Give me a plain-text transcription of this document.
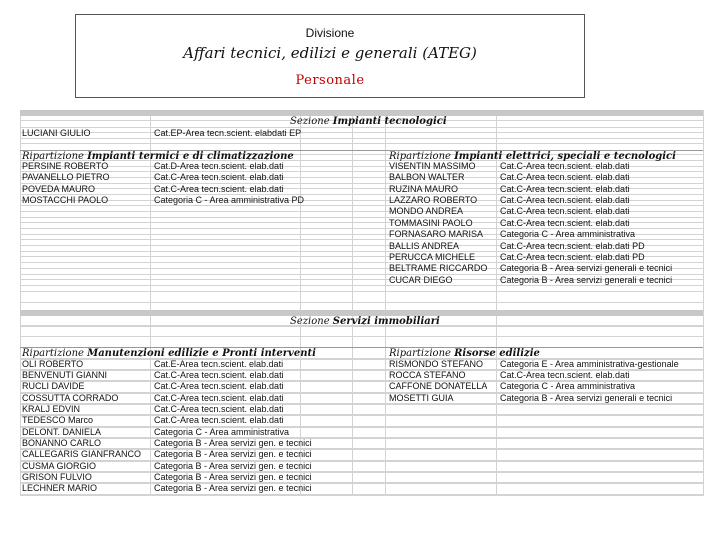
Divisione
Affari tecnici, edilizi e generali (ATEG)
Personale
Sezione Impianti tecnologici
LUCIANI GIULIO	Cat.EP-Area tecn.scient. elabdati EP
Ripartizione Impianti termici e di climatizzazione	Ripartizione Impianti elettrici, speciali e tecnologici
PERSINE ROBERTO	Cat.D-Area tecn.scient. elab.dati
PAVANELLO PIETRO	Cat.C-Area tecn.scient. elab.dati
POVEDA MAURO	Cat.C-Area tecn.scient. elab.dati
MOSTACCHI PAOLO	Categoria C - Area amministrativa PD
VISENTIN MASSIMO	Cat.C-Area tecn.scient. elab.dati
BALBON WALTER	Cat.C-Area tecn.scient. elab.dati
RUZINA MAURO	Cat.C-Area tecn.scient. elab.dati
LAZZARO ROBERTO	Cat.C-Area tecn.scient. elab.dati
MONDO ANDREA	Cat.C-Area tecn.scient. elab.dati
TOMMASINI PAOLO	Cat.C-Area tecn.scient. elab.dati
FORNASARO MARISA Categoria C - Area amministrativa
BALLIS ANDREA	Cat.C-Area tecn.scient. elab.dati PD
PERUCCA MICHELE	Cat.C-Area tecn.scient. elab.dati PD
BELTRAME RICCARDO Categoria B - Area servizi generali e tecnici
CUCAR DIEGO	Categoria B - Area servizi generali e tecnici
Sezione Servizi immobiliari
Ripartizione Manutenzioni edilizie e Pronti interventi	Ripartizione Risorse edilizie
OLI ROBERTO	Cat.E-Area tecn.scient. elab.dati
BENVENUTI GIANNI	Cat.C-Area tecn.scient. elab.dati
RUCLI DAVIDE	Cat.C-Area tecn.scient. elab.dati
COSSUTTA CORRADO	Cat.C-Area tecn.scient. elab.dati
KRALJ EDVIN	Cat.C-Area tecn.scient. elab.dati
TEDESCO Marco	Cat.C-Area tecn.scient. elab.dati
DELONT. DANIELA	Categoria C - Area amministrativa
BONANNO CARLO	Categoria B - Area servizi gen. e tecnici
CALLEGARIS GIANFRANCO Categoria B - Area servizi gen. e tecnici
CUSMA GIORGIO	Categoria B - Area servizi gen. e tecnici
GRISON FULVIO	Categoria B - Area servizi gen. e tecnici
LECHNER MARIO	Categoria B - Area servizi gen. e tecnici
RISMONDO STEFANO Categoria E - Area amministrativa-gestionale
ROCCA STEFANO	Cat.C-Area tecn.scient. elab.dati
CAFFONE DONATELLA Categoria C - Area amministrativa
MOSETTI GUIA	Categoria B - Area servizi generali e tecnici
